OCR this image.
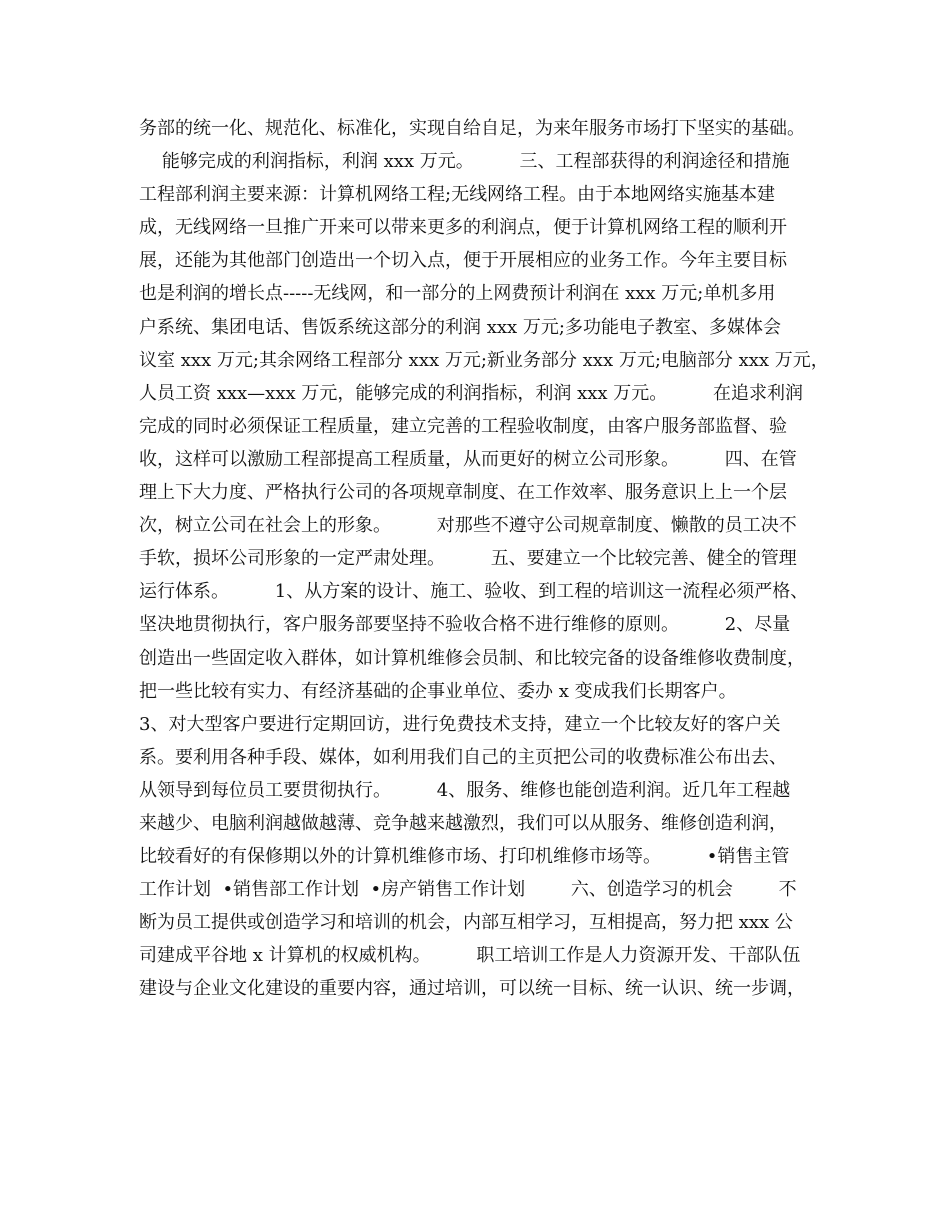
务部的统一化、规范化、标准化，实现自给自足，为来年服务市场打下坚实的基础。
能够完成的利润指标，利润 xxx 万元。        三、工程部获得的利润途径和措施
工程部利润主要来源：计算机网络工程;无线网络工程。由于本地网络实施基本建
成，无线网络一旦推广开来可以带来更多的利润点，便于计算机网络工程的顺利开
展，还能为其他部门创造出一个切入点，便于开展相应的业务工作。今年主要目标
也是利润的增长点-----无线网，和一部分的上网费预计利润在 xxx 万元;单机多用
户系统、集团电话、售饭系统这部分的利润 xxx 万元;多功能电子教室、多媒体会
议室 xxx 万元;其余网络工程部分 xxx 万元;新业务部分 xxx 万元;电脑部分 xxx 万元，
人员工资 xxx—xxx 万元，能够完成的利润指标，利润 xxx 万元。        在追求利润
完成的同时必须保证工程质量，建立完善的工程验收制度，由客户服务部监督、验
收，这样可以激励工程部提高工程质量，从而更好的树立公司形象。        四、在管
理上下大力度、严格执行公司的各项规章制度、在工作效率、服务意识上上一个层
次，树立公司在社会上的形象。        对那些不遵守公司规章制度、懒散的员工决不
手软，损坏公司形象的一定严肃处理。        五、要建立一个比较完善、健全的管理
运行体系。        1、从方案的设计、施工、验收、到工程的培训这一流程必须严格、
坚决地贯彻执行，客户服务部要坚持不验收合格不进行维修的原则。        2、尽量
创造出一些固定收入群体，如计算机维修会员制、和比较完备的设备维修收费制度，
把一些比较有实力、有经济基础的企事业单位、委办 x 变成我们长期客户。
3、对大型客户要进行定期回访，进行免费技术支持，建立一个比较友好的客户关
系。要利用各种手段、媒体，如利用我们自己的主页把公司的收费标准公布出去、
从领导到每位员工要贯彻执行。        4、服务、维修也能创造利润。近几年工程越
来越少、电脑利润越做越薄、竞争越来越激烈，我们可以从服务、维修创造利润，
比较看好的有保修期以外的计算机维修市场、打印机维修市场等。        •销售主管
工作计划  •销售部工作计划  •房产销售工作计划        六、创造学习的机会        不
断为员工提供或创造学习和培训的机会，内部互相学习，互相提高，努力把 xxx 公
司建成平谷地 x 计算机的权威机构。        职工培训工作是人力资源开发、干部队伍
建设与企业文化建设的重要内容，通过培训，可以统一目标、统一认识、统一步调，
